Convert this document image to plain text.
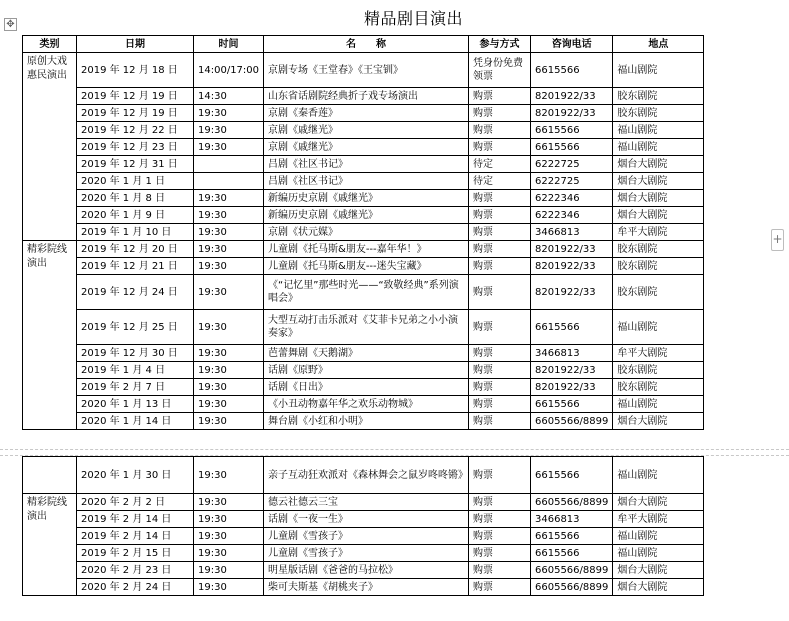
精品剧目演出
✥
+
类别	日期	时间	名　　称	参与方式	咨询电话	地点
原创大戏惠民演出	2019 年 12 月 18 日	14:00/17:00	京剧专场《王堂春》《王宝钏》	凭身份免费领票	6615566	福山剧院
	2019 年 12 月 19 日	14:30	山东省话剧院经典折子戏专场演出	购票	8201922/33	胶东剧院
	2019 年 12 月 19 日	19:30	京剧《秦香莲》	购票	8201922/33	胶东剧院
	2019 年 12 月 22 日	19:30	京剧《戚继光》	购票	6615566	福山剧院
	2019 年 12 月 23 日	19:30	京剧《戚继光》	购票	6615566	福山剧院
	2019 年 12 月 31 日		吕剧《社区书记》	待定	6222725	烟台大剧院
	2020 年 1 月 1 日		吕剧《社区书记》	待定	6222725	烟台大剧院
	2020 年 1 月 8 日	19:30	新编历史京剧《戚继光》	购票	6222346	烟台大剧院
	2020 年 1 月 9 日	19:30	新编历史京剧《戚继光》	购票	6222346	烟台大剧院
	2019 年 1 月 10 日	19:30	京剧《状元媒》	购票	3466813	牟平大剧院
精彩院线演出	2019 年 12 月 20 日	19:30	儿童剧《托马斯&朋友---嘉年华！》	购票	8201922/33	胶东剧院
	2019 年 12 月 21 日	19:30	儿童剧《托马斯&朋友---迷失宝藏》	购票	8201922/33	胶东剧院
	2019 年 12 月 24 日	19:30	《“记忆里”那些时光——“致敬经典”系列演唱会》	购票	8201922/33	胶东剧院
	2019 年 12 月 25 日	19:30	大型互动打击乐派对《艾菲卡兄弟之小小演奏家》	购票	6615566	福山剧院
	2019 年 12 月 30 日	19:30	芭蕾舞剧《天鹅湖》	购票	3466813	牟平大剧院
	2019 年 1 月 4 日	19:30	话剧《原野》	购票	8201922/33	胶东剧院
	2019 年 2 月 7 日	19:30	话剧《日出》	购票	8201922/33	胶东剧院
	2020 年 1 月 13 日	19:30	《小丑动物嘉年华之欢乐动物城》	购票	6615566	福山剧院
	2020 年 1 月 14 日	19:30	舞台剧《小红和小明》	购票	6605566/8899	烟台大剧院
	2020 年 1 月 30 日	19:30	亲子互动狂欢派对《森林舞会之鼠岁咚咚锵》	购票	6615566	福山剧院
精彩院线演出	2020 年 2 月 2 日	19:30	德云社德云三宝	购票	6605566/8899	烟台大剧院
	2019 年 2 月 14 日	19:30	话剧《一夜一生》	购票	3466813	牟平大剧院
	2019 年 2 月 14 日	19:30	儿童剧《雪孩子》	购票	6615566	福山剧院
	2019 年 2 月 15 日	19:30	儿童剧《雪孩子》	购票	6615566	福山剧院
	2020 年 2 月 23 日	19:30	明星版话剧《爸爸的马拉松》	购票	6605566/8899	烟台大剧院
	2020 年 2 月 24 日	19:30	柴可夫斯基《胡桃夹子》	购票	6605566/8899	烟台大剧院
